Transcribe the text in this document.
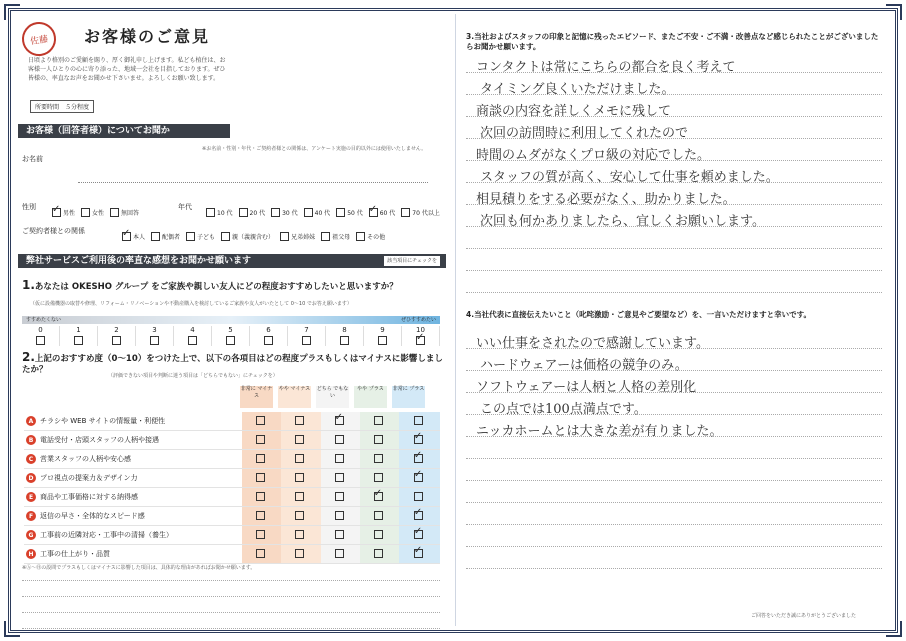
佐藤	お客様のご意見
日頃より格別のご愛顧を賜り、厚く御礼申し上げます。私ども植住は、お客様一人ひとりの心に寄り添った、地域一会社を目指しております。ぜひ皆様の、率直なお声をお聞かせ下さいませ。よろしくお願い致します。
所要時間　５分程度
お客様（回答者様）についてお聞か
お名前
※お名前・性別・年代・ご契約者様との関係は、アンケート実施の目的以外には使用いたしません。
性別
✓
男性	女性	無回答
年代
10 代	20 代	30 代	40 代	50 代
✓	60 代	70 代以上
ご契約者様との関係
✓
本人	配偶者	子ども	親（義親含む）	兄弟姉妹	祖父母	その他
弊社サービスご利用後の率直な感想をお聞かせ願います	該当項目にチェックを
1.あなたは OKESHO グループ をご家族や親しい友人にどの程度おすすめしたいと思いますか？
（仮に設備機器の取替や修理、リフォーム・リノベーションや不動産購入を検討しているご家族や友人がいたとして 0～10 でお答え願います）
すすめたくない	ぜひすすめたい
0	1	2	3	4	5	6	7	8	9	10
✓
2.上記のおすすめ度（0～10）をつけた上で、以下の各項目はどの程度プラスもしくはマイナスに影響しましたか？
（評価できない項目や判断に迷う項目は「どちらでもない」にチェックを）
非常に マイナス
やや マイナス どちら でもない
やや プラス	非常に プラス
A チラシや WEB サイトの情報量・利便性
			✓		

B 電話受付・店頭スタッフの人柄や接遇
					✓

C 営業スタッフの人柄や安心感
					✓

D プロ視点の提案力＆デザイン力
					✓

E 商品や工事価格に対する納得感
				✓	

F 返信の早さ・全体的なスピード感
					✓

G 工事前の近隣対応・工事中の清掃（養生）
					✓

H 工事の仕上がり・品質
					✓
※Ⓐ～Ⓗの設問でプラスもしくはマイナスに影響した項目は、具体的な理由があればお聞かせ願います。
3.当社およびスタッフの印象と記憶に残ったエピソード、またご不安・ご不満・改善点など感じられたことがございましたらお聞かせ願います。
コンタクトは常にこちらの都合を良く考えて
タイミング良くいただけました。
商談の内容を詳しくメモに残して
次回の訪問時に利用してくれたので
時間のムダがなくプロ級の対応でした。
スタッフの質が高く、安心して仕事を頼めました。
相見積りをする必要がなく、助かりました。
次回も何かありましたら、宜しくお願いします。
4.当社代表に直接伝えたいこと（叱咤激励・ご意見やご要望など）を、一言いただけますと幸いです。
いい仕事をされたので感謝しています。
ハードウェアーは価格の競争のみ。
ソフトウェアーは人柄と人格の差別化
この点では100点満点です。
ニッカホームとは大きな差が有りました。
ご回答をいただき誠にありがとうございました
